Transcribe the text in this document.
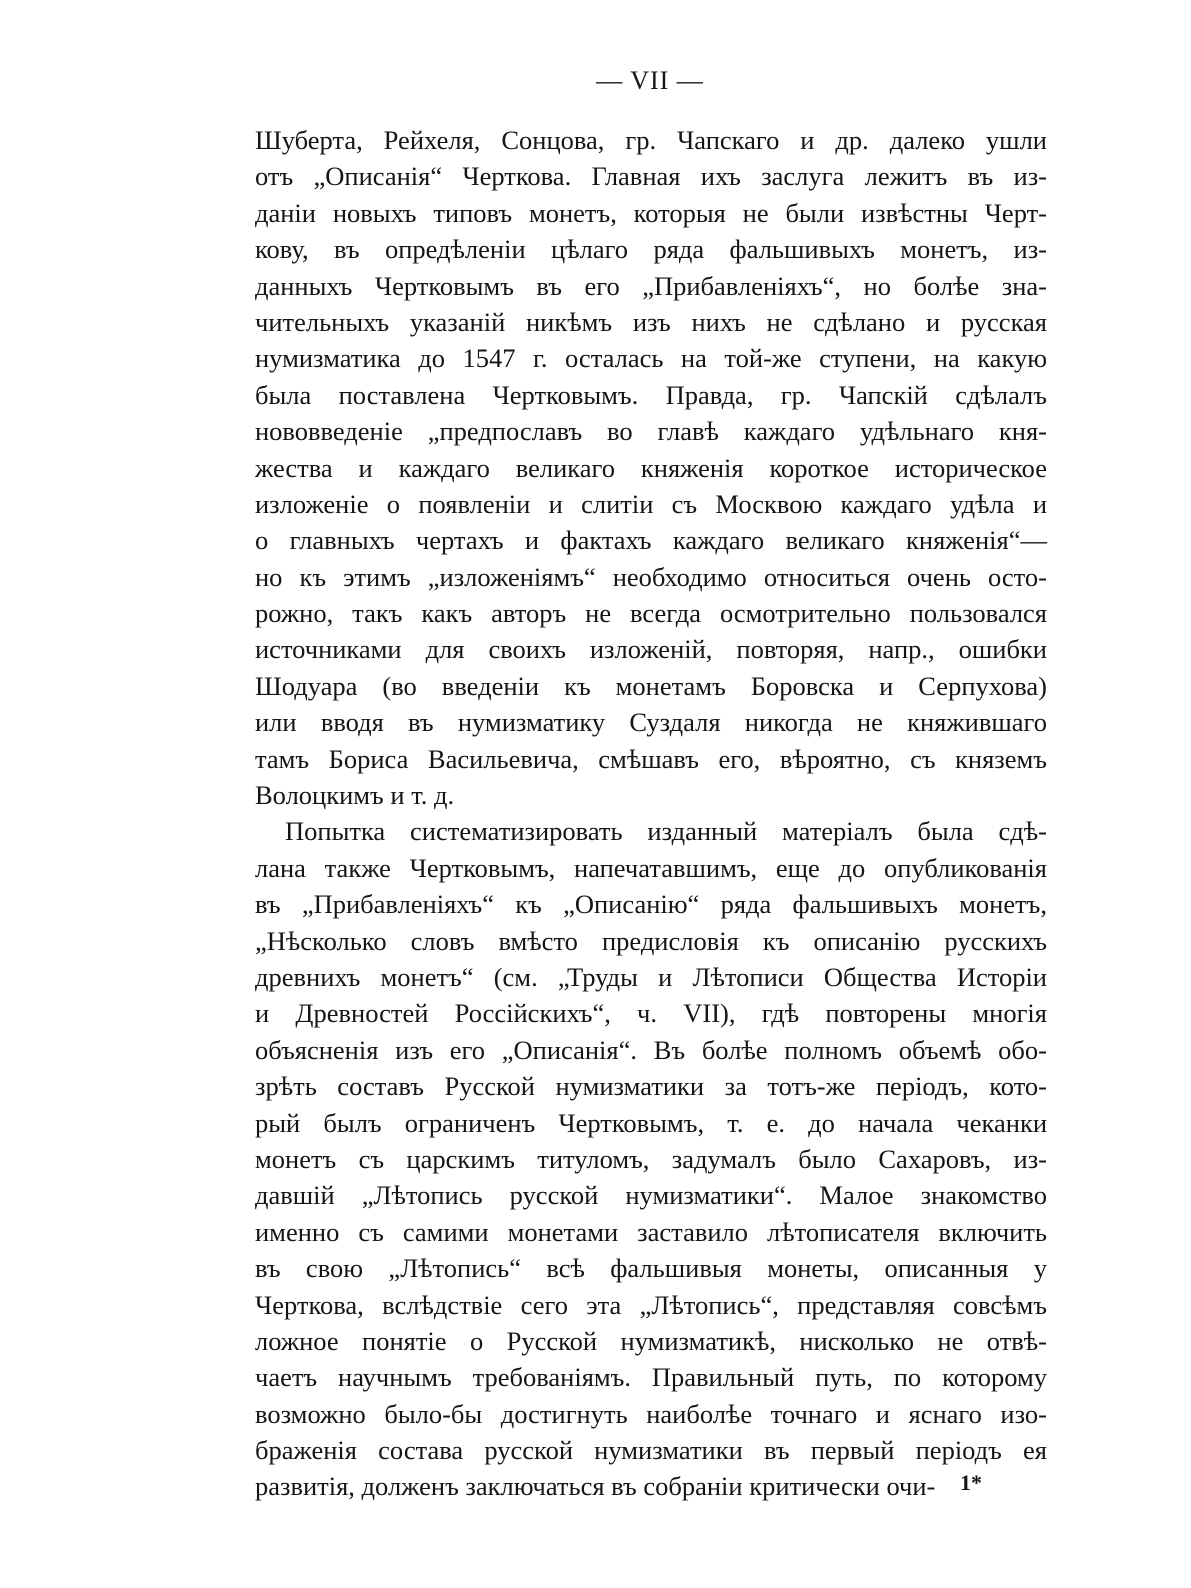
— VII —
Шуберта, Рейхеля, Сонцова, гр. Чапскаго и др. далеко ушли
отъ „Описанія“ Черткова. Главная ихъ заслуга лежитъ въ из-
даніи новыхъ типовъ монетъ, которыя не были извѣстны Черт-
кову, въ опредѣленіи цѣлаго ряда фальшивыхъ монетъ, из-
данныхъ Чертковымъ въ его „Прибавленіяхъ“, но болѣе зна-
чительныхъ указаній никѣмъ изъ нихъ не сдѣлано и русская
нумизматика до 1547 г. осталась на той-же ступени, на какую
была поставлена Чертковымъ. Правда, гр. Чапскій сдѣлалъ
нововведеніе „предпославъ во главѣ каждаго удѣльнаго кня-
жества и каждаго великаго княженія короткое историческое
изложеніе о появленіи и слитіи съ Москвою каждаго удѣла и
о главныхъ чертахъ и фактахъ каждаго великаго княженія“—
но къ этимъ „изложеніямъ“ необходимо относиться очень осто-
рожно, такъ какъ авторъ не всегда осмотрительно пользовался
источниками для своихъ изложеній, повторяя, напр., ошибки
Шодуара (во введеніи къ монетамъ Боровска и Серпухова)
или вводя въ нумизматику Суздаля никогда не княжившаго
тамъ Бориса Васильевича, смѣшавъ его, вѣроятно, съ княземъ
Волоцкимъ и т. д.
Попытка систематизировать изданный матеріалъ была сдѣ-
лана также Чертковымъ, напечатавшимъ, еще до опубликованія
въ „Прибавленіяхъ“ къ „Описанію“ ряда фальшивыхъ монетъ,
„Нѣсколько словъ вмѣсто предисловія къ описанію русскихъ
древнихъ монетъ“ (см. „Труды и Лѣтописи Общества Исторіи
и Древностей Россійскихъ“, ч. VII), гдѣ повторены многія
объясненія изъ его „Описанія“. Въ болѣе полномъ объемѣ обо-
зрѣть составъ Русской нумизматики за тотъ-же періодъ, кото-
рый былъ ограниченъ Чертковымъ, т. е. до начала чеканки
монетъ съ царскимъ титуломъ, задумалъ было Сахаровъ, из-
давшій „Лѣтопись русской нумизматики“. Малое знакомство
именно съ самими монетами заставило лѣтописателя включить
въ свою „Лѣтопись“ всѣ фальшивыя монеты, описанныя у
Черткова, вслѣдствіе сего эта „Лѣтопись“, представляя совсѣмъ
ложное понятіе о Русской нумизматикѣ, нисколько не отвѣ-
чаетъ научнымъ требованіямъ. Правильный путь, по которому
возможно было-бы достигнуть наиболѣе точнаго и яснаго изо-
браженія состава русской нумизматики въ первый періодъ ея
развитія, долженъ заключаться въ собраніи критически очи-	1*
